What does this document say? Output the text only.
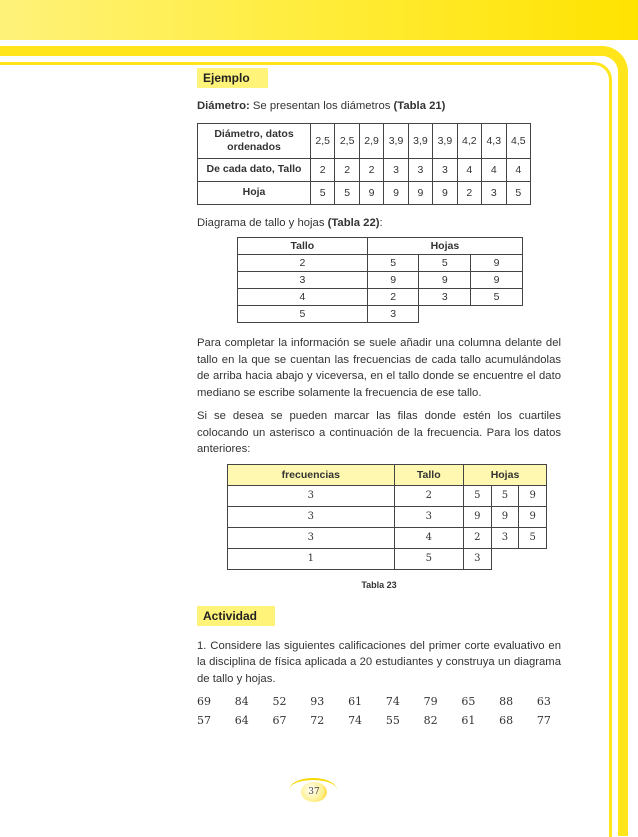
Ejemplo

Diámetro: Se presentan los diámetros (Tabla 21)

Diámetro, datos ordenados	2,5	2,5	2,9	3,9	3,9	3,9	4,2	4,3	4,5
De cada dato, Tallo	2	2	2	3	3	3	4	4	4
Hoja	5	5	9	9	9	9	2	3	5

Diagrama de tallo y hojas (Tabla 22):

Tallo	Hojas		
2	5	5	9
3	9	9	9
4	2	3	5
5	3		

Para completar la información se suele añadir una columna delante del tallo en la que se cuentan las frecuencias de cada tallo acumulándolas de arriba hacia abajo y viceversa, en el tallo donde se encuentre el dato mediano se escribe solamente la frecuencia de ese tallo.

Si se desea se pueden marcar las filas donde estén los cuartiles colocando un asterisco a continuación de la frecuencia. Para los datos anteriores:

frecuencias	Tallo	Hojas		
3	2	5	5	9
3	3	9	9	9
3	4	2	3	5
1	5	3		
Tabla 23
Actividad

1. Considere las siguientes calificaciones del primer corte evaluativo en la disciplina de física aplicada a 20 estudiantes y construya un diagrama de tallo y hojas.

69 84 52 93 61 74 79 65 88 63
57 64 67 72 74 55 82 61 68 77
37
